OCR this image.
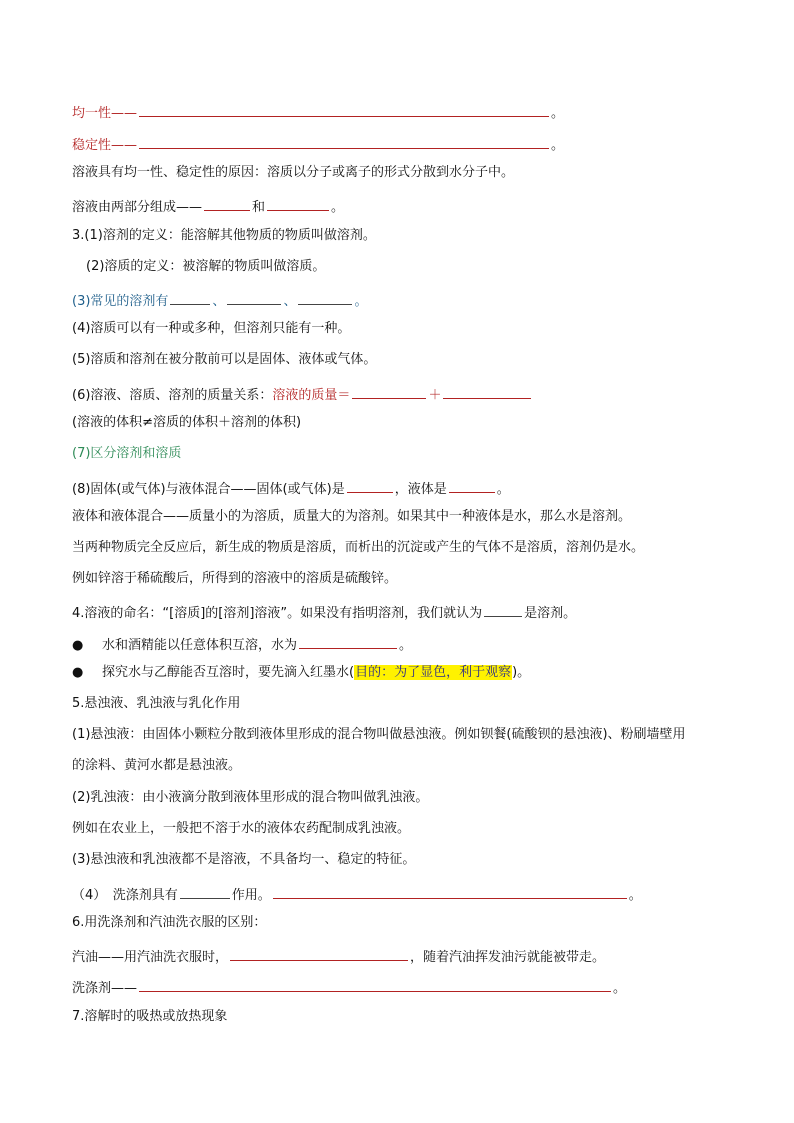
均一性——	。
稳定性——	。
溶液具有均一性、稳定性的原因：溶质以分子或离子的形式分散到水分子中。
溶液由两部分组成——	和	。
3.(1)溶剂的定义：能溶解其他物质的物质叫做溶剂。
(2)溶质的定义：被溶解的物质叫做溶质。
(3)常见的溶剂有	、	、	。
(4)溶质可以有一种或多种，但溶剂只能有一种。
(5)溶质和溶剂在被分散前可以是固体、液体或气体。
(6)溶液、溶质、溶剂的质量关系：溶液的质量＝	＋
(溶液的体积≠溶质的体积＋溶剂的体积)
(7)区分溶剂和溶质
(8)固体(或气体)与液体混合——固体(或气体)是	，液体是	。
液体和液体混合——质量小的为溶质，质量大的为溶剂。如果其中一种液体是水，那么水是溶剂。
当两种物质完全反应后，新生成的物质是溶质，而析出的沉淀或产生的气体不是溶质，溶剂仍是水。
例如锌溶于稀硫酸后，所得到的溶液中的溶质是硫酸锌。
4.溶液的命名：“[溶质]的[溶剂]溶液”。如果没有指明溶剂，我们就认为	是溶剂。
● 水和酒精能以任意体积互溶，水为	。
● 探究水与乙醇能否互溶时，要先滴入红墨水(目的：为了显色，利于观察)。
5.悬浊液、乳浊液与乳化作用
(1)悬浊液：由固体小颗粒分散到液体里形成的混合物叫做悬浊液。例如钡餐(硫酸钡的悬浊液)、粉刷墙壁用
的涂料、黄河水都是悬浊液。
(2)乳浊液：由小液滴分散到液体里形成的混合物叫做乳浊液。
例如在农业上，一般把不溶于水的液体农药配制成乳浊液。
(3)悬浊液和乳浊液都不是溶液，不具备均一、稳定的特征。
（4）　洗涤剂具有	作用。	。
6.用洗涤剂和汽油洗衣服的区别：
汽油——用汽油洗衣服时，	，随着汽油挥发油污就能被带走。
洗涤剂——	。
7.溶解时的吸热或放热现象
